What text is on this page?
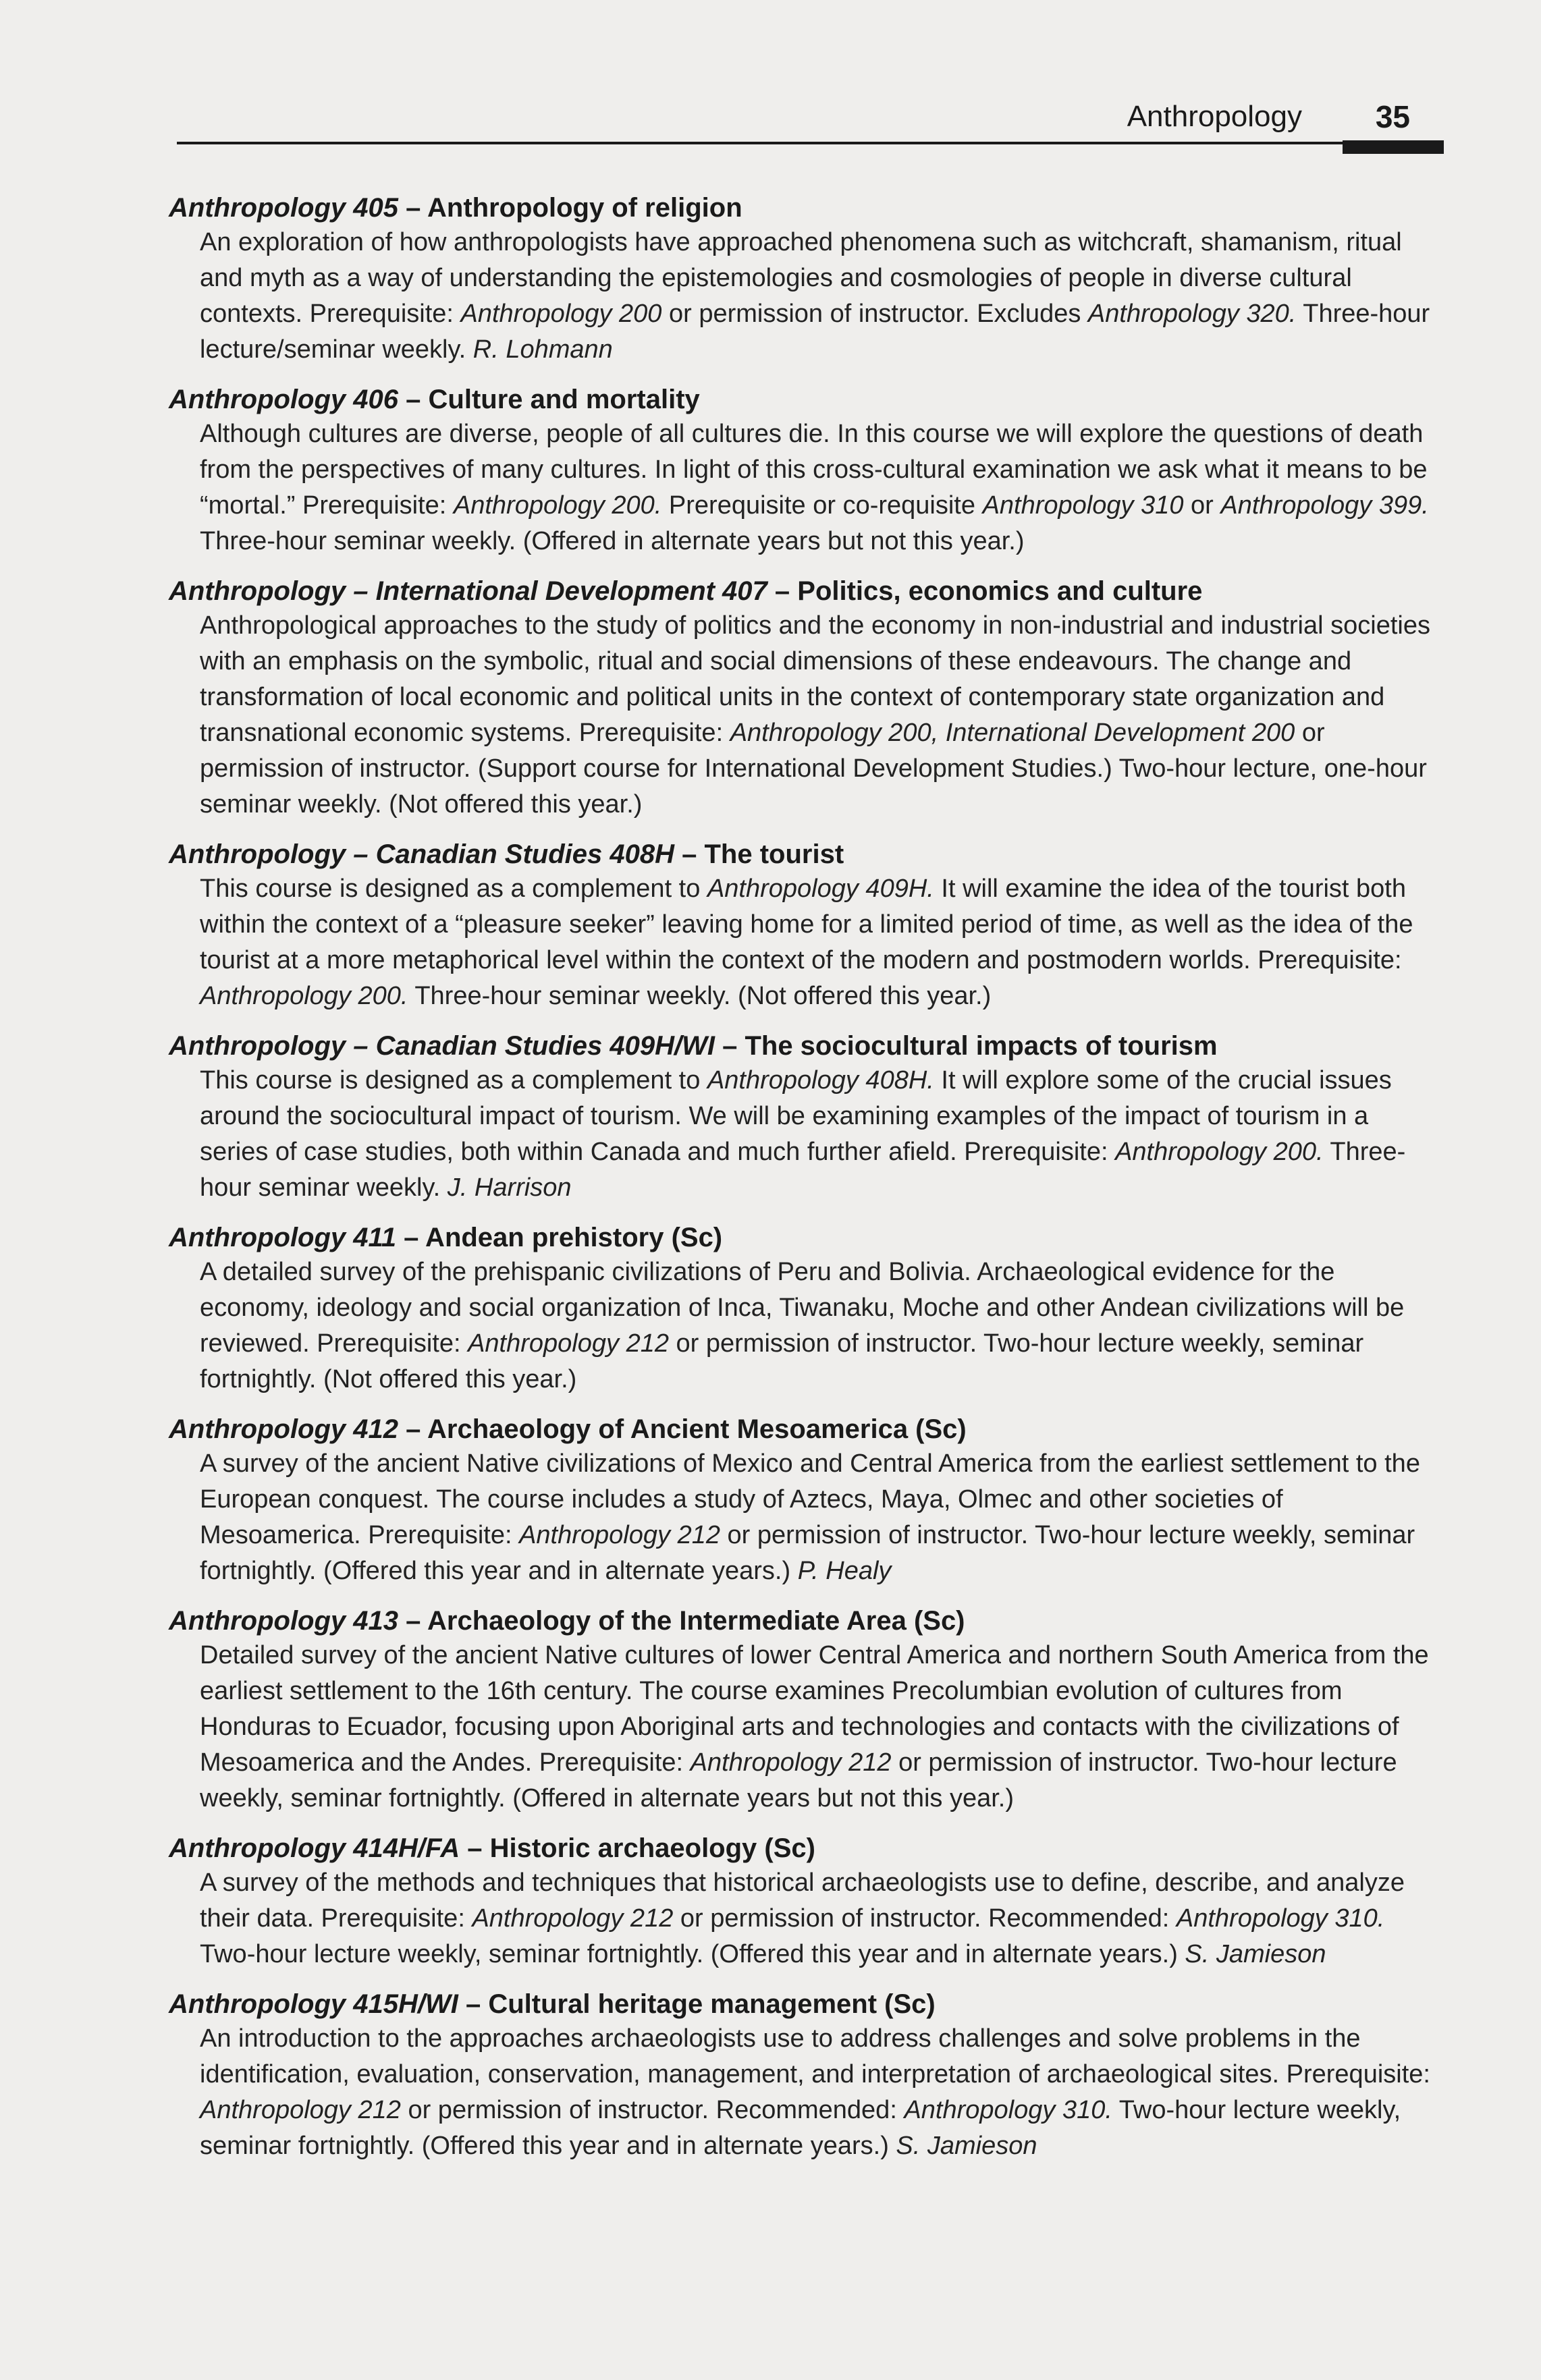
Anthropology 35
Anthropology 405 – Anthropology of religion
An exploration of how anthropologists have approached phenomena such as witchcraft, shamanism, ritual and myth as a way of understanding the epistemologies and cosmologies of people in diverse cultural contexts. Prerequisite: Anthropology 200 or permission of instructor. Excludes Anthropology 320. Three-hour lecture/seminar weekly. R. Lohmann
Anthropology 406 – Culture and mortality
Although cultures are diverse, people of all cultures die. In this course we will explore the questions of death from the perspectives of many cultures. In light of this cross-cultural examination we ask what it means to be “mortal.” Prerequisite: Anthropology 200. Prerequisite or co-requisite Anthropology 310 or Anthropology 399. Three-hour seminar weekly. (Offered in alternate years but not this year.)
Anthropology – International Development 407 – Politics, economics and culture
Anthropological approaches to the study of politics and the economy in non-industrial and industrial societies with an emphasis on the symbolic, ritual and social dimensions of these endeavours. The change and transformation of local economic and political units in the context of contemporary state organization and transnational economic systems. Prerequisite: Anthropology 200, International Development 200 or permission of instructor. (Support course for International Development Studies.) Two-hour lecture, one-hour seminar weekly. (Not offered this year.)
Anthropology – Canadian Studies 408H – The tourist
This course is designed as a complement to Anthropology 409H. It will examine the idea of the tourist both within the context of a “pleasure seeker” leaving home for a limited period of time, as well as the idea of the tourist at a more metaphorical level within the context of the modern and postmodern worlds. Prerequisite: Anthropology 200. Three-hour seminar weekly. (Not offered this year.)
Anthropology – Canadian Studies 409H/WI – The sociocultural impacts of tourism
This course is designed as a complement to Anthropology 408H. It will explore some of the crucial issues around the sociocultural impact of tourism. We will be examining examples of the impact of tourism in a series of case studies, both within Canada and much further afield. Prerequisite: Anthropology 200. Three-hour seminar weekly. J. Harrison
Anthropology 411 – Andean prehistory (Sc)
A detailed survey of the prehispanic civilizations of Peru and Bolivia. Archaeological evidence for the economy, ideology and social organization of Inca, Tiwanaku, Moche and other Andean civilizations will be reviewed. Prerequisite: Anthropology 212 or permission of instructor. Two-hour lecture weekly, seminar fortnightly. (Not offered this year.)
Anthropology 412 – Archaeology of Ancient Mesoamerica (Sc)
A survey of the ancient Native civilizations of Mexico and Central America from the earliest settlement to the European conquest. The course includes a study of Aztecs, Maya, Olmec and other societies of Mesoamerica. Prerequisite: Anthropology 212 or permission of instructor. Two-hour lecture weekly, seminar fortnightly. (Offered this year and in alternate years.) P. Healy
Anthropology 413 – Archaeology of the Intermediate Area (Sc)
Detailed survey of the ancient Native cultures of lower Central America and northern South America from the earliest settlement to the 16th century. The course examines Precolumbian evolution of cultures from Honduras to Ecuador, focusing upon Aboriginal arts and technologies and contacts with the civilizations of Mesoamerica and the Andes. Prerequisite: Anthropology 212 or permission of instructor. Two-hour lecture weekly, seminar fortnightly. (Offered in alternate years but not this year.)
Anthropology 414H/FA – Historic archaeology (Sc)
A survey of the methods and techniques that historical archaeologists use to define, describe, and analyze their data. Prerequisite: Anthropology 212 or permission of instructor. Recommended: Anthropology 310. Two-hour lecture weekly, seminar fortnightly. (Offered this year and in alternate years.) S. Jamieson
Anthropology 415H/WI – Cultural heritage management (Sc)
An introduction to the approaches archaeologists use to address challenges and solve problems in the identification, evaluation, conservation, management, and interpretation of archaeological sites. Prerequisite: Anthropology 212 or permission of instructor. Recommended: Anthropology 310. Two-hour lecture weekly, seminar fortnightly. (Offered this year and in alternate years.) S. Jamieson
